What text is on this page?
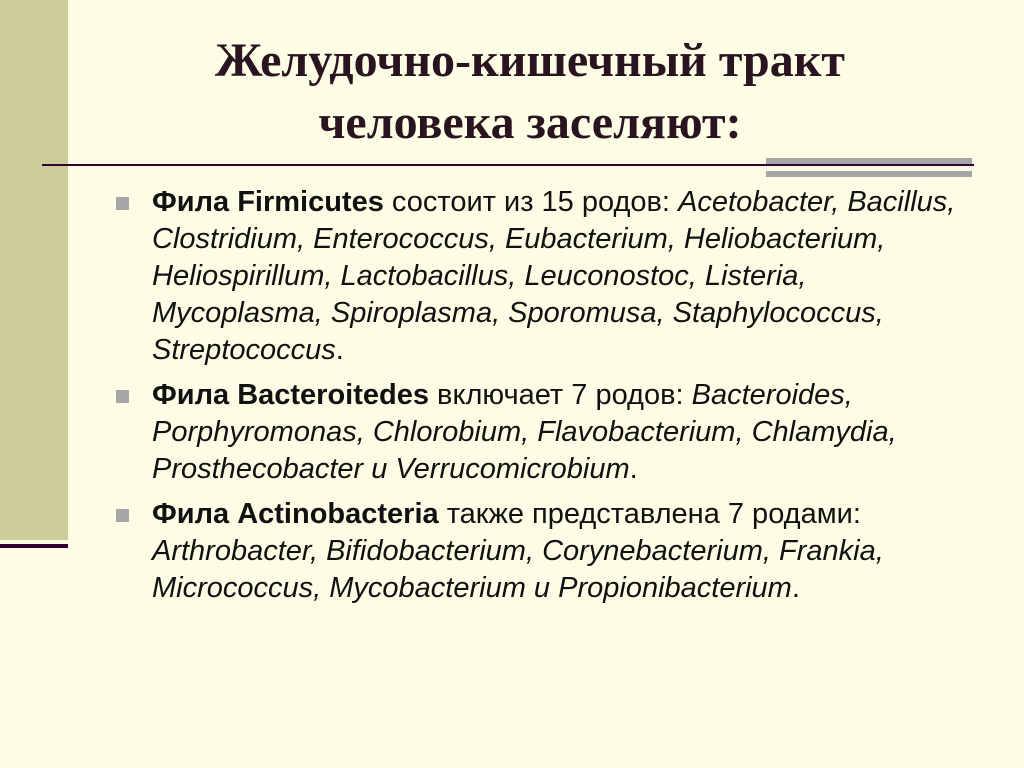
Желудочно-кишечный тракт
человека заселяют:
Фила Firmicutes состоит из 15 родов: Acetobacter, Bacillus, Clostridium, Enterococcus, Eubacterium, Heliobacterium, Heliospirillum, Lactobacillus, Leuconostoc, Listeria, Mycoplasma, Spiroplasma, Sporomusa, Staphylococcus, Streptococcus.
Фила Bacteroitedes включает 7 родов: Bacteroides, Porphyromonas, Chlorobium, Flavobacterium, Chlamydia, Prosthecobacter и Verrucomicrobium.
Фила Actinobacteria также представлена 7 родами: Arthrobacter, Bifidobacterium, Corynebacterium, Frankia, Micrococcus, Mycobacterium и Propionibacterium.
